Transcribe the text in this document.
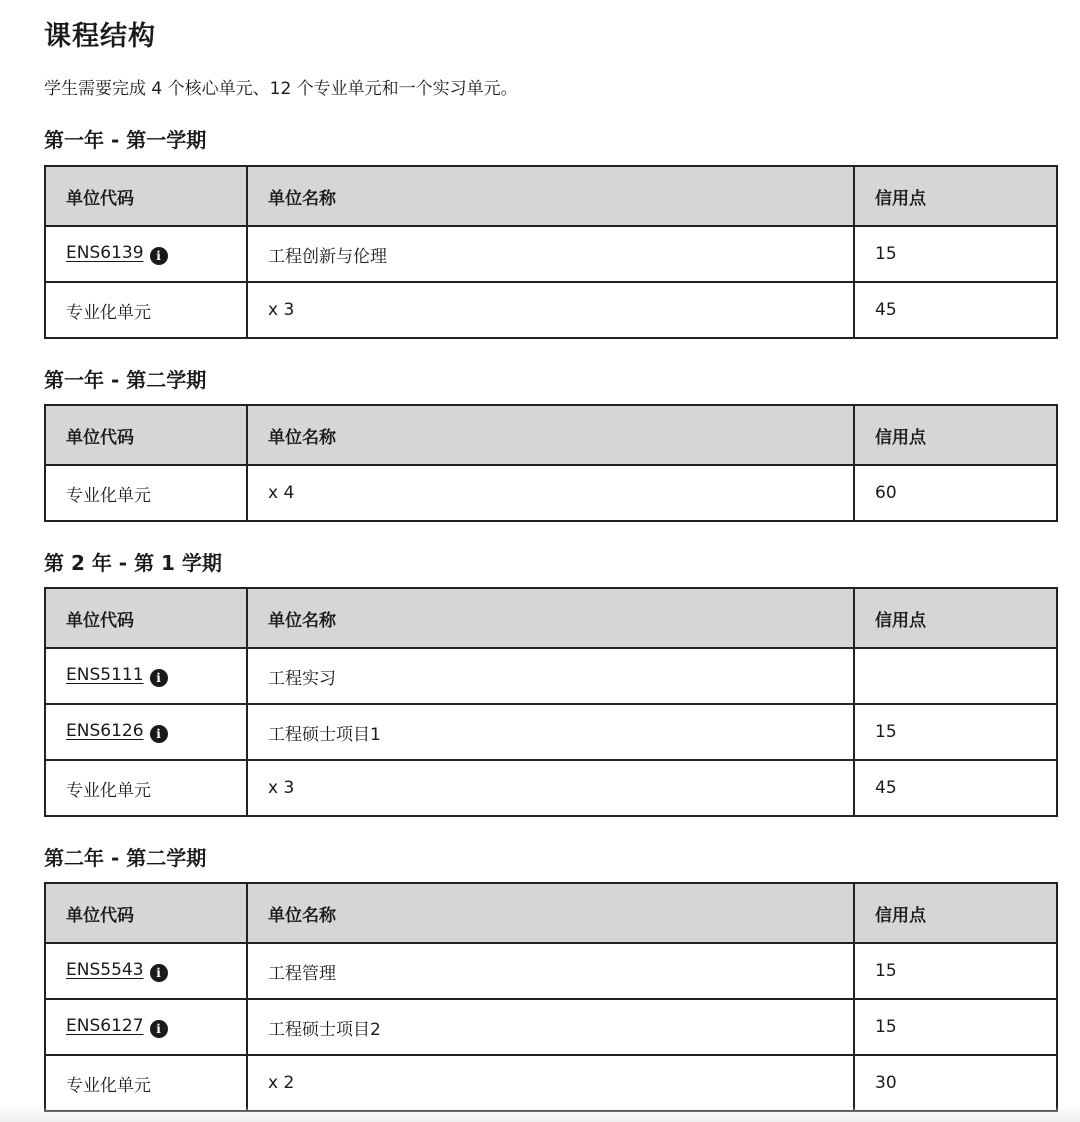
课程结构

学生需要完成 4 个核心单元、12 个专业单元和一个实习单元。

第一年 - 第一学期
单位代码	单位名称	信用点
ENS6139 i	工程创新与伦理	15
专业化单元	x 3	45
第一年 - 第二学期
单位代码	单位名称	信用点
专业化单元	x 4	60
第 2 年 - 第 1 学期
单位代码	单位名称	信用点
ENS5111 i	工程实习	
ENS6126 i	工程硕士项目1	15
专业化单元	x 3	45
第二年 - 第二学期
单位代码	单位名称	信用点
ENS5543 i	工程管理	15
ENS6127 i	工程硕士项目2	15
专业化单元	x 2	30
